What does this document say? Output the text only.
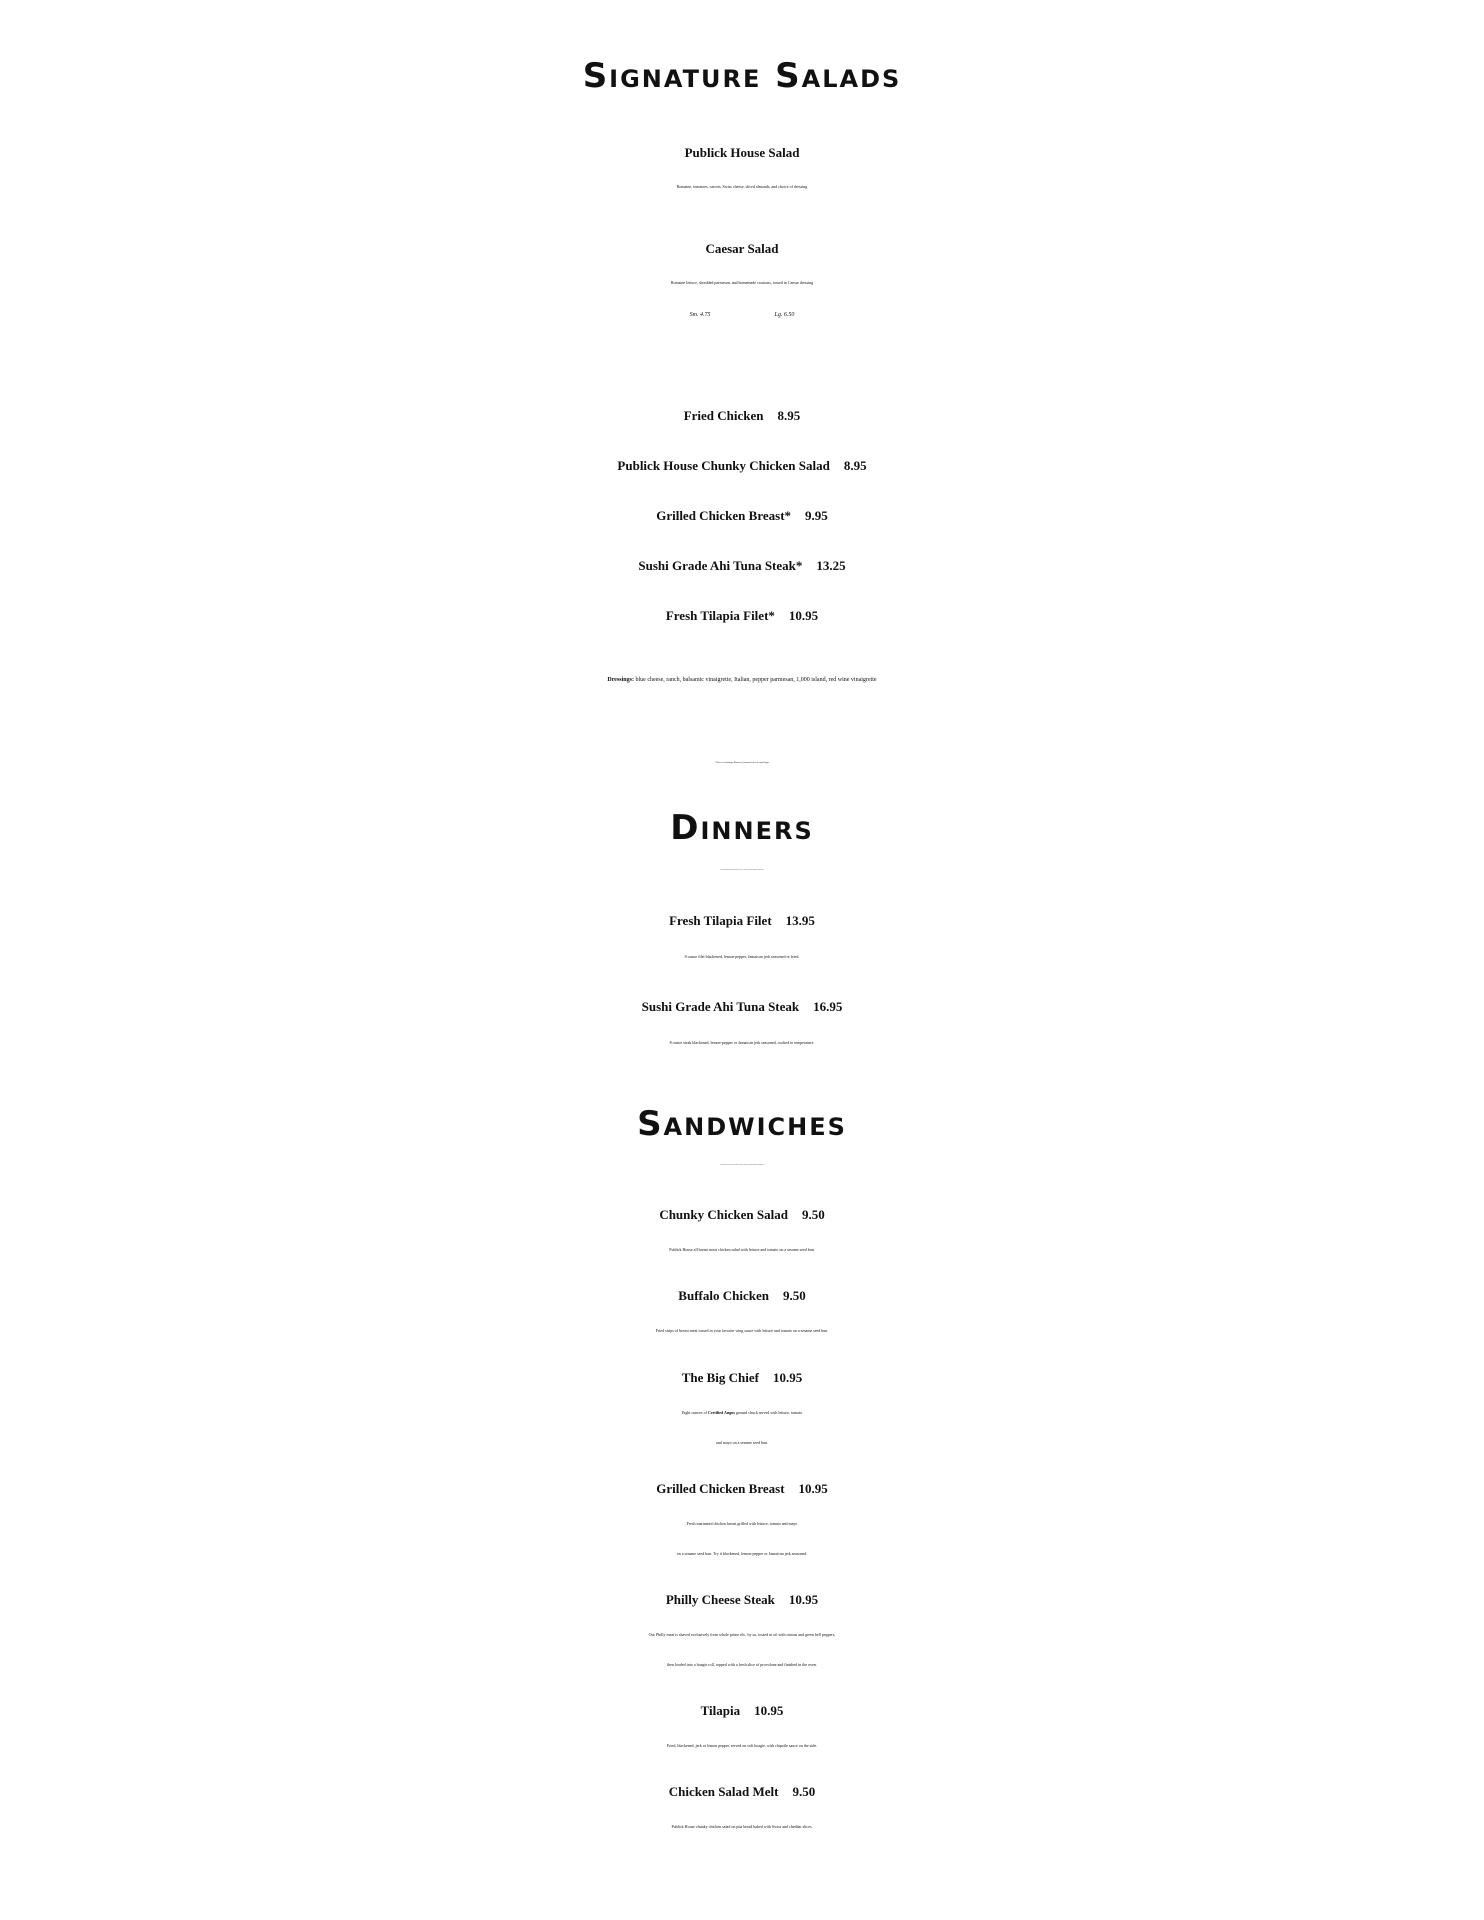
Signature Salads
Publick House Salad
Romaine, tomatoes, carrots, Swiss cheese, sliced almonds, and choice of dressing
Caesar Salad
Romaine lettuce, shredded parmesan, and homemade croutons, tossed in Caesar dressing
Sm. 4.75	Lg. 6.50
Fried Chicken 8.95
Publick House Chunky Chicken Salad 8.95
Grilled Chicken Breast* 9.95
Sushi Grade Ahi Tuna Steak* 13.25
Fresh Tilapia Filet* 10.95
Dressings: blue cheese, ranch, balsamic vinaigrette, Italian, pepper parmesan, 1,000 island, red wine vinaigrette
*Choice of seasonings: Blackened, Jamaican Jerk or Lemon-Pepper
Dinners
Served with a small salad and your choice of: raw fries, French fries, steamed vegetables or seasoned rice.
Fresh Tilapia Filet 13.95
8 ounce filet blackened, lemon-pepper, Jamaican jerk seasoned or fried.
Sushi Grade Ahi Tuna Steak 16.95
8 ounce steak blackened, lemon-pepper or Jamaican jerk seasoned, cooked to temperature.
Sandwiches
All sandwiches are served with your choice of: raw fries, French fries, steamed vegetables or seasoned rice.
Chunky Chicken Salad 9.50
Publick House all breast meat chicken salad with lettuce and tomato on a sesame seed bun.
Buffalo Chicken 9.50
Fried strips of breast meat tossed in your favorite wing sauce with lettuce and tomato on a sesame seed bun.
The Big Chief 10.95
Eight ounces of Certified Angus ground chuck served with lettuce, tomato
and mayo on a sesame seed bun.
Grilled Chicken Breast 10.95
Fresh marinated chicken breast grilled with lettuce, tomato and mayo
on a sesame seed bun. Try it blackened, lemon-pepper or Jamaican jerk seasoned.
Philly Cheese Steak 10.95
Our Philly meat is shaved exclusively from whole prime rib– by us, tossed in oil with onions and green bell peppers,
then loaded into a hoagie roll, topped with a fresh slice of provolone and finished in the oven.
Tilapia 10.95
Fried, blackened, jerk or lemon pepper, served on soft hoagie, with chipotle sauce on the side.
Chicken Salad Melt 9.50
Publick House chunky chicken salad on pita bread baked with Swiss and cheddar slices.
